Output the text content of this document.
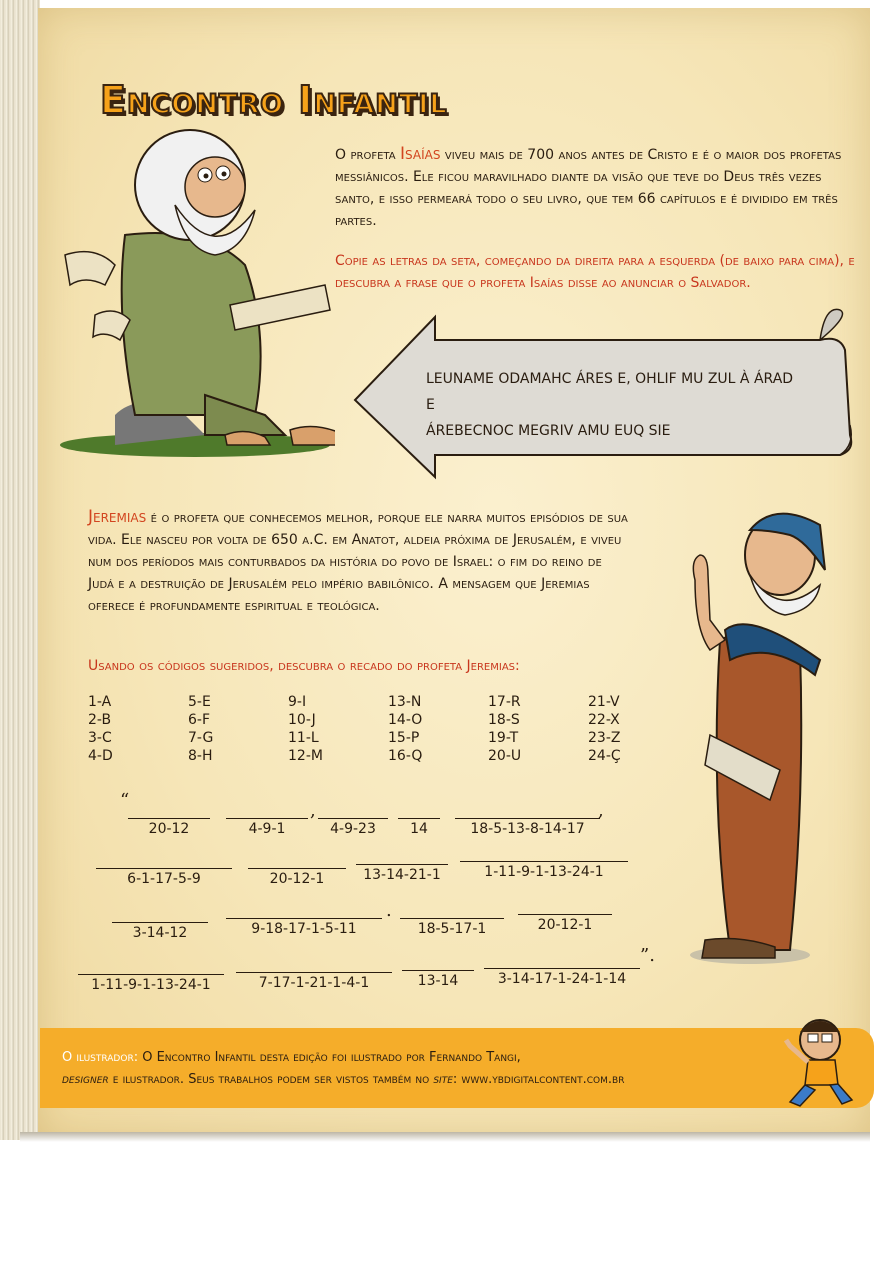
Encontro Infantil
O profeta Isaías viveu mais de 700 anos antes de Cristo e é o maior dos profetas messiânicos. Ele ficou maravilhado diante da visão que teve do Deus três vezes santo, e isso permeará todo o seu livro, que tem 66 capítulos e é dividido em três partes.
Copie as letras da seta, começando da direita para a esquerda (de baixo para cima), e descubra a frase que o profeta Isaías disse ao anunciar o Salvador.
LEUNAME ODAMAHC ÁRES E, OHLIF MU ZUL À ÁRAD E
ÁREBECNOC MEGRIV AMU EUQ SIE
Jeremias é o profeta que conhecemos melhor, porque ele narra muitos episódios de sua vida. Ele nasceu por volta de 650 a.C. em Anatot, aldeia próxima de Jerusalém, e viveu num dos períodos mais conturbados da história do povo de Israel: o fim do reino de Judá e a destruição de Jerusalém pelo império babilônico. A mensagem que Jeremias oferece é profundamente espiritual e teológica.
Usando os códigos sugeridos, descubra o recado do profeta Jeremias:
1-A	5-E	9-I	13-N	17-R	21-V
2-B	6-F	10-J	14-O	18-S	22-X
3-C	7-G	11-L	15-P	19-T	23-Z
4-D	8-H	12-M	16-Q	20-U	24-Ç
“
20-12	4-9-1
,
4-9-23	14	18-5-13-8-14-17
,
6-1-17-5-9	20-12-1	13-14-21-1	1-11-9-1-13-24-1
3-14-12	9-18-17-1-5-11
.
18-5-17-1	20-12-1
1-11-9-1-13-24-1	7-17-1-21-1-4-1	13-14	3-14-17-1-24-1-14
”.
O ilustrador: O Encontro Infantil desta edição foi ilustrado por Fernando Tangi,
designer e ilustrador. Seus trabalhos podem ser vistos também no site: www.ybdigitalcontent.com.br
